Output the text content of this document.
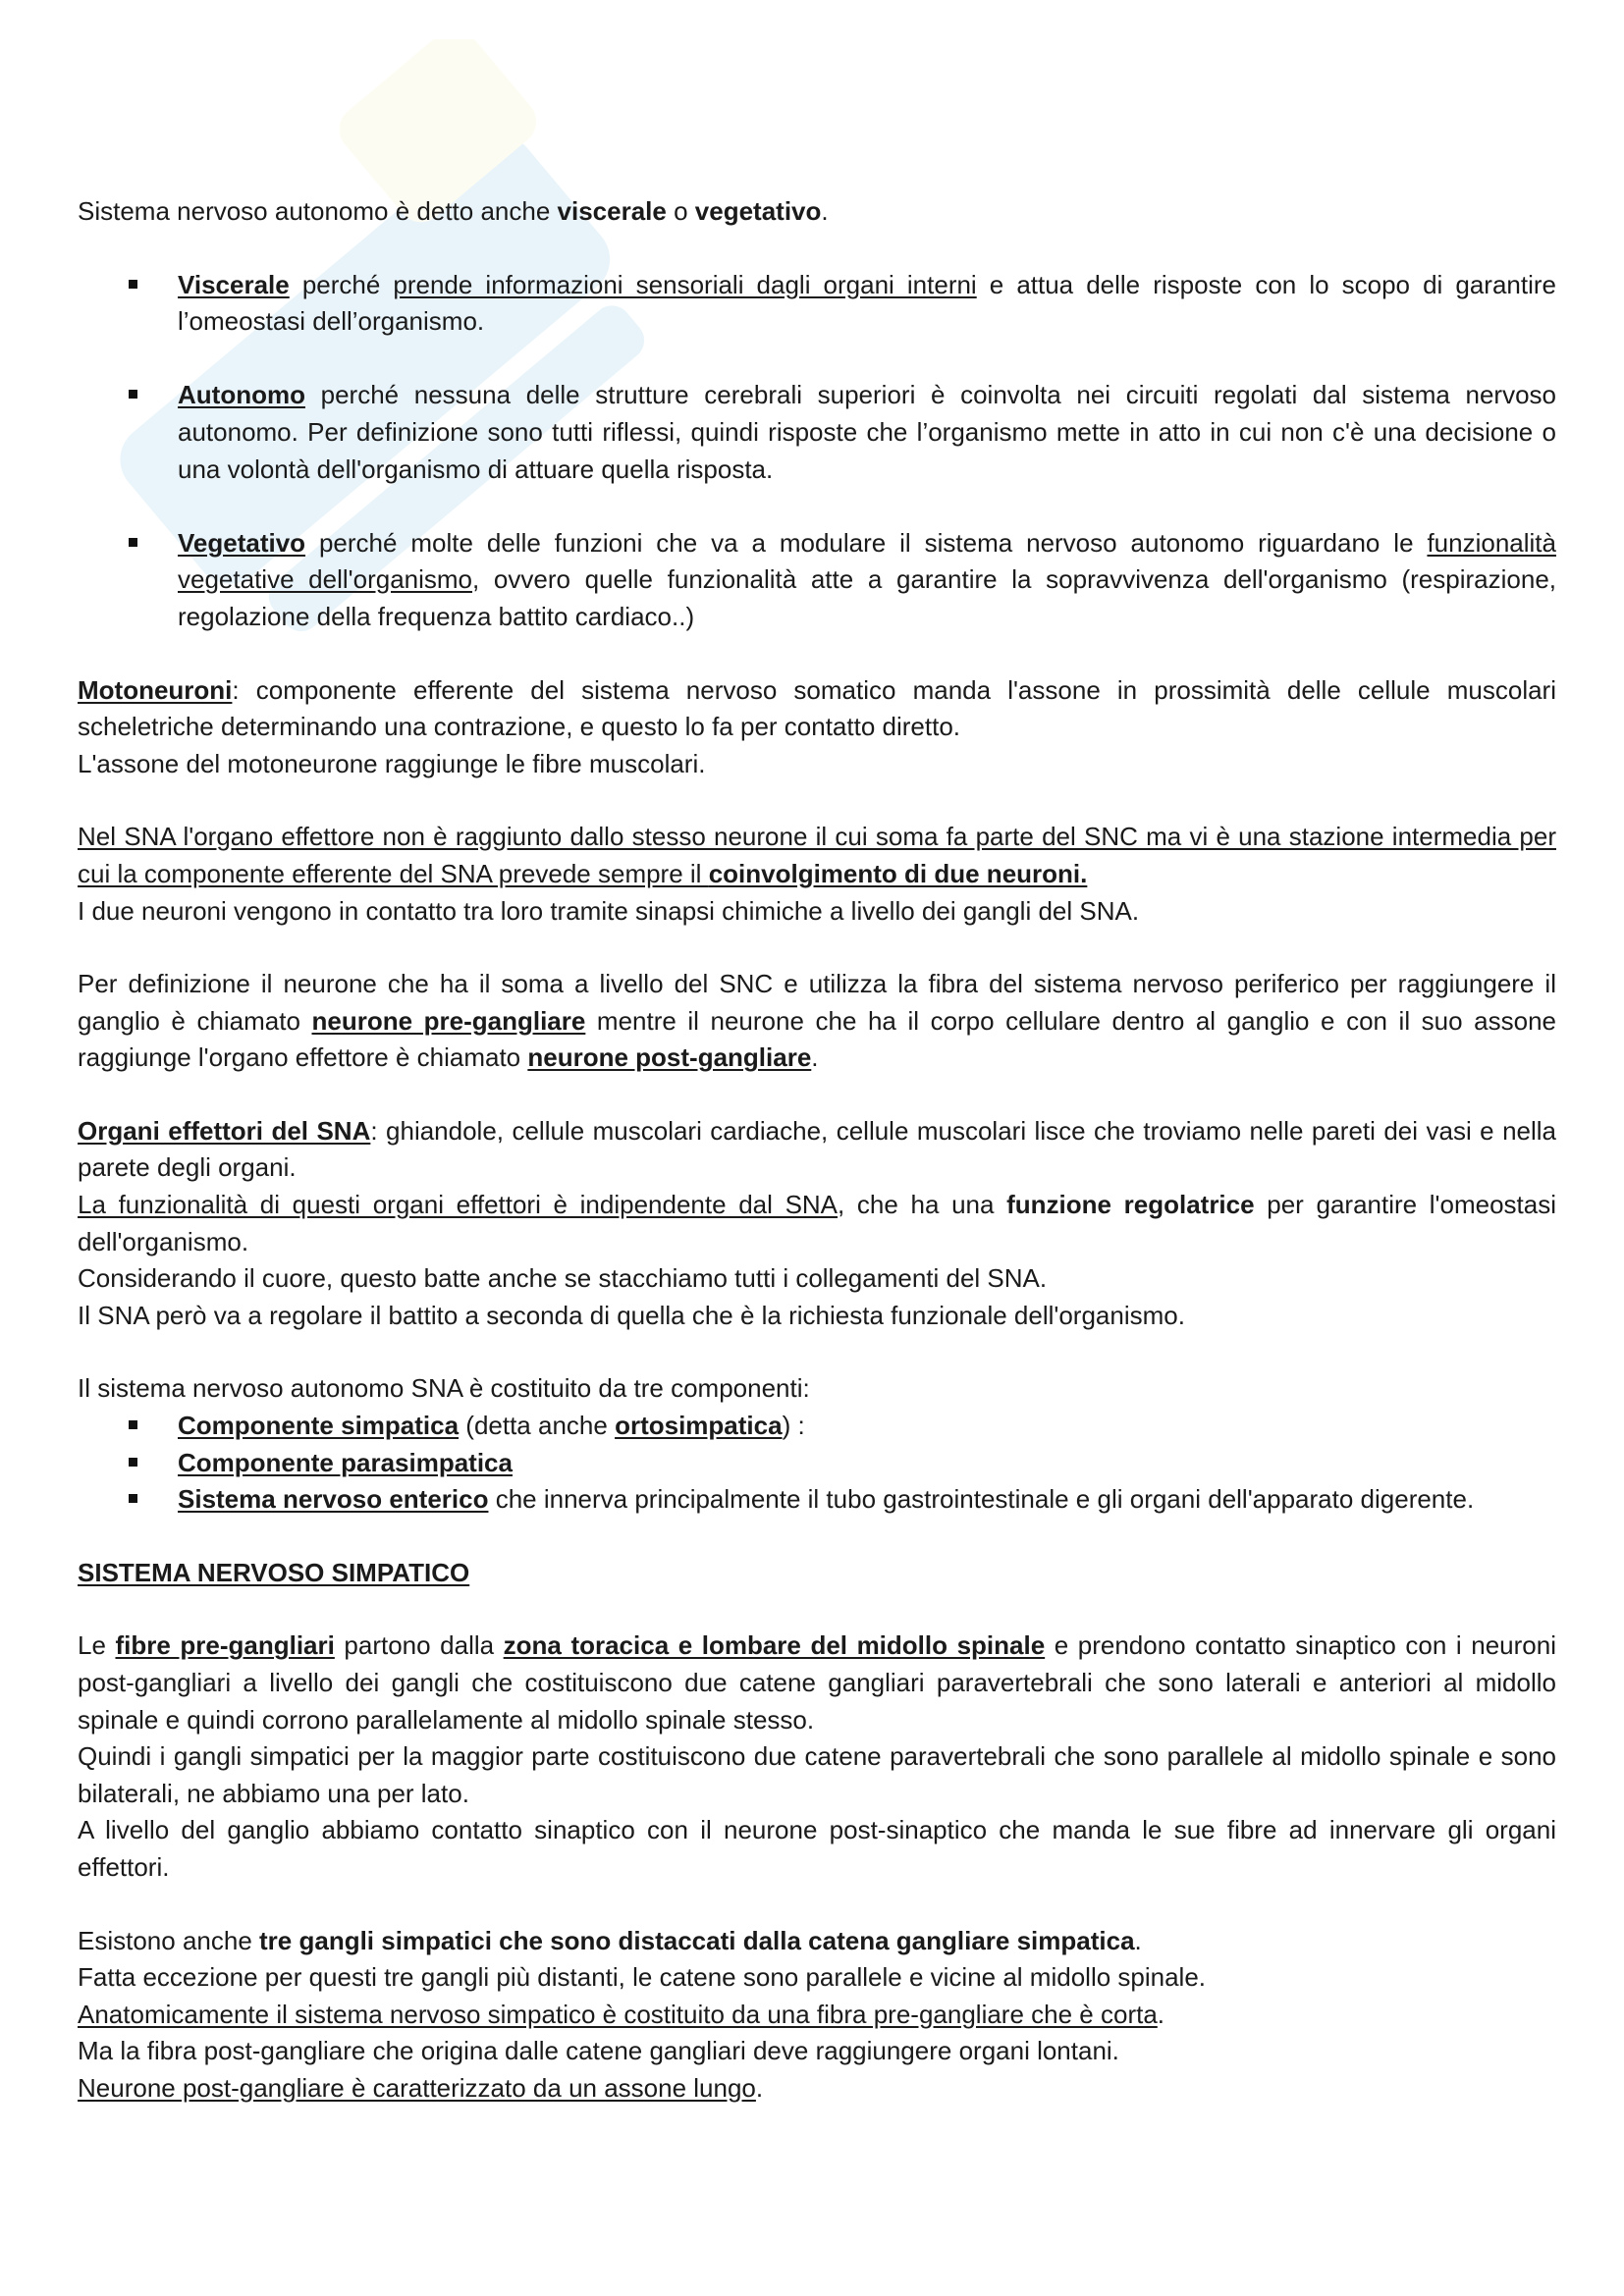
Sistema nervoso autonomo è detto anche viscerale o vegetativo.

Viscerale perché prende informazioni sensoriali dagli organi interni e attua delle risposte con lo scopo di garantire l’omeostasi dell’organismo.
Autonomo perché nessuna delle strutture cerebrali superiori è coinvolta nei circuiti regolati dal sistema nervoso autonomo. Per definizione sono tutti riflessi, quindi risposte che l’organismo mette in atto in cui non c'è una decisione o una volontà dell'organismo di attuare quella risposta.
Vegetativo perché molte delle funzioni che va a modulare il sistema nervoso autonomo riguardano le funzionalità vegetative dell'organismo, ovvero quelle funzionalità atte a garantire la sopravvivenza dell'organismo (respirazione, regolazione della frequenza battito cardiaco..)

Motoneuroni: componente efferente del sistema nervoso somatico manda l'assone in prossimità delle cellule muscolari scheletriche determinando una contrazione, e questo lo fa per contatto diretto.

L'assone del motoneurone raggiunge le fibre muscolari.

Nel SNA l'organo effettore non è raggiunto dallo stesso neurone il cui soma fa parte del SNC ma vi è una stazione intermedia per cui la componente efferente del SNA prevede sempre il coinvolgimento di due neuroni.

I due neuroni vengono in contatto tra loro tramite sinapsi chimiche a livello dei gangli del SNA.

Per definizione il neurone che ha il soma a livello del SNC e utilizza la fibra del sistema nervoso periferico per raggiungere il ganglio è chiamato neurone pre-gangliare mentre il neurone che ha il corpo cellulare dentro al ganglio e con il suo assone raggiunge l'organo effettore è chiamato neurone post-gangliare.

Organi effettori del SNA: ghiandole, cellule muscolari cardiache, cellule muscolari lisce che troviamo nelle pareti dei vasi e nella parete degli organi.

La funzionalità di questi organi effettori è indipendente dal SNA, che ha una funzione regolatrice per garantire l'omeostasi dell'organismo.

Considerando il cuore, questo batte anche se stacchiamo tutti i collegamenti del SNA.

Il SNA però va a regolare il battito a seconda di quella che è la richiesta funzionale dell'organismo.

Il sistema nervoso autonomo SNA è costituito da tre componenti:

Componente simpatica (detta anche ortosimpatica) :
Componente parasimpatica
Sistema nervoso enterico che innerva principalmente il tubo gastrointestinale e gli organi dell'apparato digerente.

SISTEMA NERVOSO SIMPATICO

Le fibre pre-gangliari partono dalla zona toracica e lombare del midollo spinale e prendono contatto sinaptico con i neuroni post-gangliari a livello dei gangli che costituiscono due catene gangliari paravertebrali che sono laterali e anteriori al midollo spinale e quindi corrono parallelamente al midollo spinale stesso.

Quindi i gangli simpatici per la maggior parte costituiscono due catene paravertebrali che sono parallele al midollo spinale e sono bilaterali, ne abbiamo una per lato.

A livello del ganglio abbiamo contatto sinaptico con il neurone post-sinaptico che manda le sue fibre ad innervare gli organi effettori.

Esistono anche tre gangli simpatici che sono distaccati dalla catena gangliare simpatica.

Fatta eccezione per questi tre gangli più distanti, le catene sono parallele e vicine al midollo spinale.

Anatomicamente il sistema nervoso simpatico è costituito da una fibra pre-gangliare che è corta.

Ma la fibra post-gangliare che origina dalle catene gangliari deve raggiungere organi lontani.

Neurone post-gangliare è caratterizzato da un assone lungo.
